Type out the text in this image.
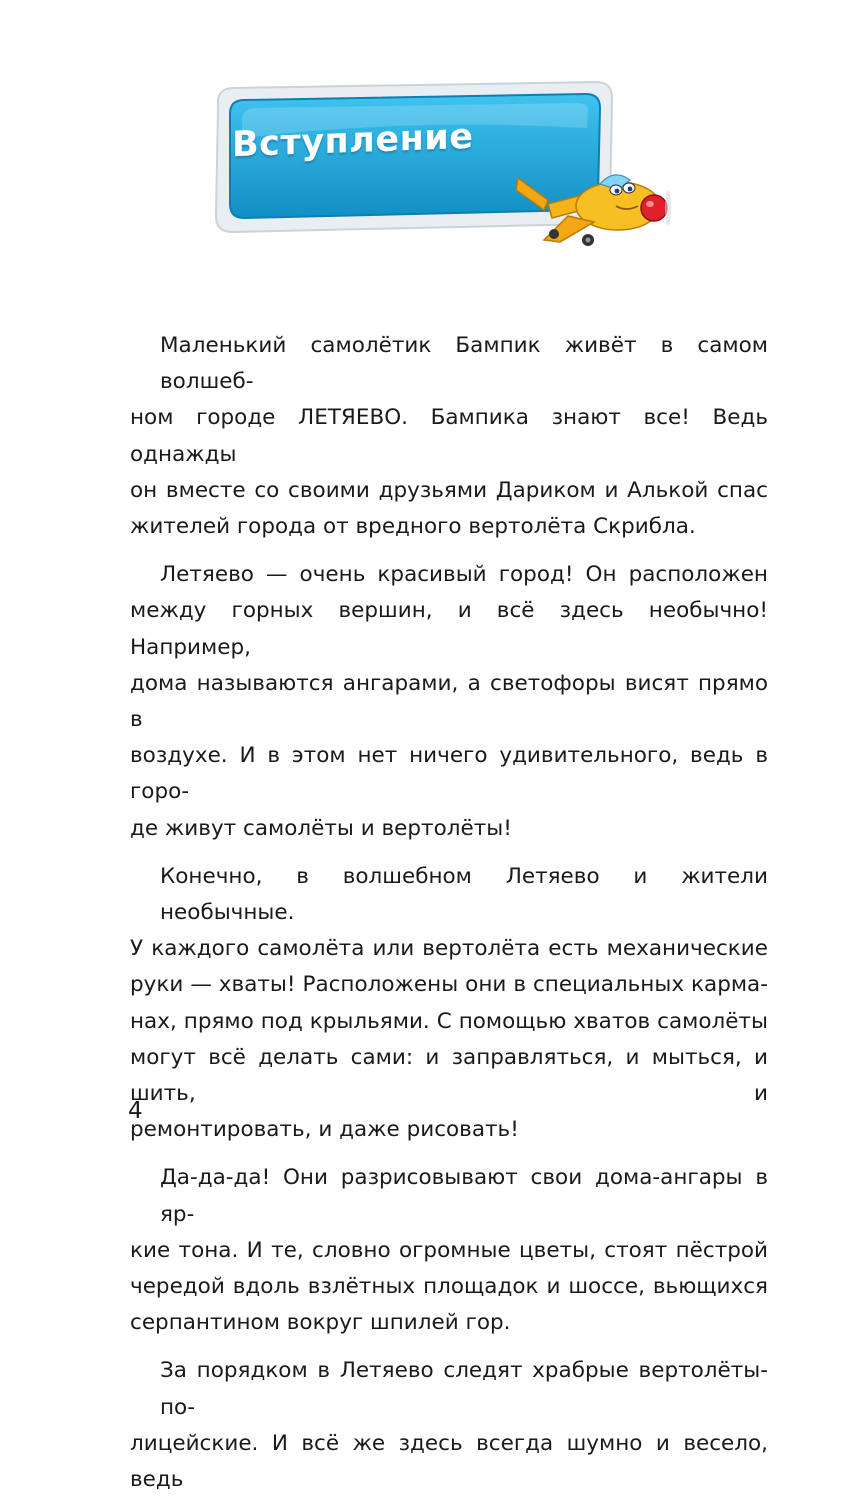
Вступление

Маленький самолётик Бампик живёт в самом волшеб-
ном городе ЛЕТЯЕВО. Бампика знают все! Ведь однажды
он вместе со своими друзьями Дариком и Алькой спас
жителей города от вредного вертолёта Скрибла.

Летяево — очень красивый город! Он расположен
между горных вершин, и всё здесь необычно! Например,
дома называются ангарами, а светофоры висят прямо в
воздухе. И в этом нет ничего удивительного, ведь в горо-
де живут самолёты и вертолёты!

Конечно, в волшебном Летяево и жители необычные.
У каждого самолёта или вертолёта есть механические
руки — хваты! Расположены они в специальных карма-
нах, прямо под крыльями. С помощью хватов самолёты
могут всё делать сами: и заправляться, и мыться, и шить, и
ремонтировать, и даже рисовать!

Да-да-да! Они разрисовывают свои дома-ангары в яр-
кие тона. И те, словно огромные цветы, стоят пёстрой
чередой вдоль взлётных площадок и шоссе, вьющихся
серпантином вокруг шпилей гор.

За порядком в Летяево следят храбрые вертолёты-по-
лицейские. И всё же здесь всегда шумно и весело, ведь

4
